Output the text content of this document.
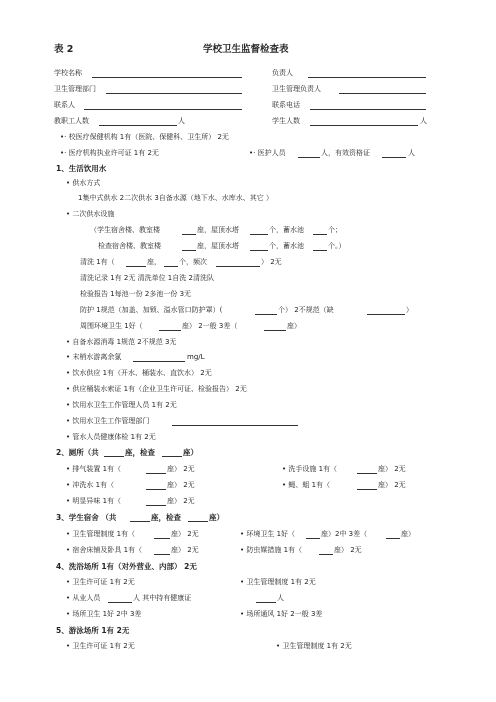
表 2	学校卫生监督检查表
学校名称	负责人
卫生管理部门	卫生管理负责人
联系人	联系电话
教职工人数	人	学生人数	人
•· 校医疗保健机构 1有（医院、保健科、卫生所） 2无
•· 医疗机构执业许可证 1有 2无	•· 医护人员	人，有效资格证	人
1、生活饮用水
• 供水方式
1集中式供水 2二次供水 3自备水源（地下水、水库水、其它 ）
• 二次供水设施
（学生宿舍楼、教室楼	座，屋顶水塔	个，蓄水池	个；
检查宿舍楼、教室楼	座，屋顶水塔	个，蓄水池	个。）
清洗 1有（	座，	个，频次	） 2无
清洗记录 1有 2无 清洗单位 1自洗 2清洗队
检验报告 1每池一份 2多池一份 3无
防护 1规范（加盖、加锁、溢水管口防护罩）(	个） 2不规范（缺	）
周围环境卫生 1好（	座） 2一般 3差（	座）
• 自备水源消毒 1规范 2不规范 3无
• 末梢水游离余氯	mg/L
• 饮水供应 1有（开水、桶装水、直饮水） 2无
• 供应桶装水索证 1有（企业卫生许可证、检验报告） 2无
• 饮用水卫生工作管理人员 1有 2无
• 饮用水卫生工作管理部门
• 管水人员健康体检 1有 2无
2、厕所（共	座，检查	座）
• 排气装置 1有（	座） 2无	• 洗手设施 1有（	座） 2无
• 冲洗水 1有（	座） 2无	• 蝇、蛆 1有（	座） 2无
• 明显异味 1有（	座） 2无
3、学生宿舍 （共	座，检查	座）
• 卫生管理制度 1有（	座） 2无	• 环境卫生 1好（	座）2中 3差（	座）
• 宿舍床铺及卧具 1有（	座） 2无	• 防虫媒措施 1有（	座） 2无
4、洗浴场所 1有（对外营业、内部） 2无
• 卫生许可证 1有 2无	• 卫生管理制度 1有 2无
• 从业人员	人 其中持有健康证	人
• 场所卫生 1好 2中 3差	• 场所通风 1好 2一般 3差
5、游泳场所 1有 2无
• 卫生许可证 1有 2无	• 卫生管理制度 1有 2无
